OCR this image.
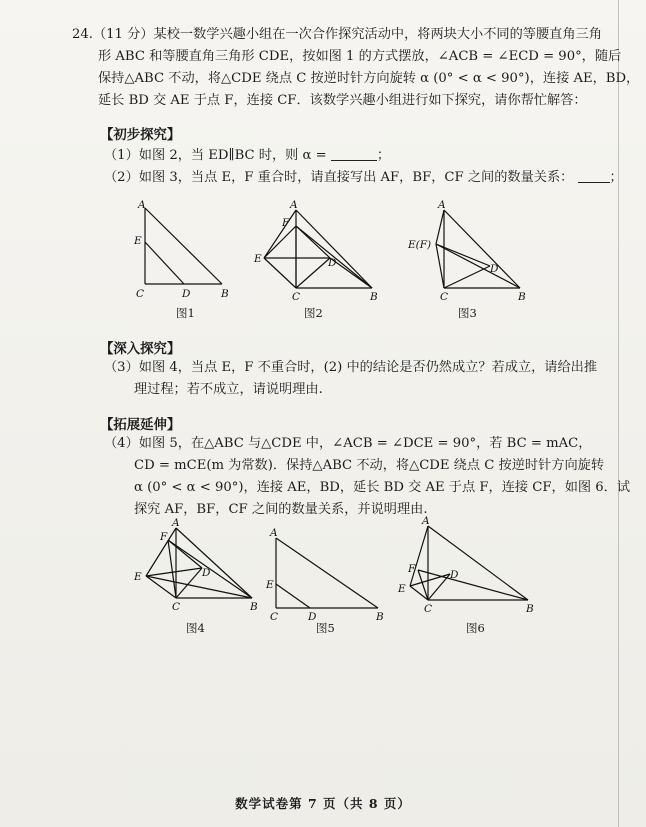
24.（11 分）某校一数学兴趣小组在一次合作探究活动中，将两块大小不同的等腰直角三角
形 ABC 和等腰直角三角形 CDE，按如图 1 的方式摆放，∠ACB = ∠ECD = 90°，随后
保持△ABC 不动，将△CDE 绕点 C 按逆时针方向旋转 α (0° < α < 90°)，连接 AE，BD，
延长 BD 交 AE 于点 F，连接 CF．该数学兴趣小组进行如下探究，请你帮忙解答：
【初步探究】
（1）如图 2，当 ED∥BC 时，则 α =	；
（2）如图 3，当点 E，F 重合时，请直接写出 AF，BF，CF 之间的数量关系：	；
A
E
C	D	B
图1
A
F
E	D
C	B
图2
A
E(F)
D
C	B
图3
【深入探究】
（3）如图 4，当点 E，F 不重合时，(2) 中的结论是否仍然成立？若成立，请给出推
理过程；若不成立，请说明理由.
【拓展延伸】
（4）如图 5，在△ABC 与△CDE 中，∠ACB = ∠DCE = 90°，若 BC = mAC，
CD = mCE(m 为常数)．保持△ABC 不动，将△CDE 绕点 C 按逆时针方向旋转
α (0° < α < 90°)，连接 AE，BD，延长 BD 交 AE 于点 F，连接 CF，如图 6．试
探究 AF，BF，CF 之间的数量关系，并说明理由.
A
F
E	D
C	B
图4
A
E
C	D	B
图5
A
F
E
D
C	B
图6
数学试卷第 7 页（共 8 页）
